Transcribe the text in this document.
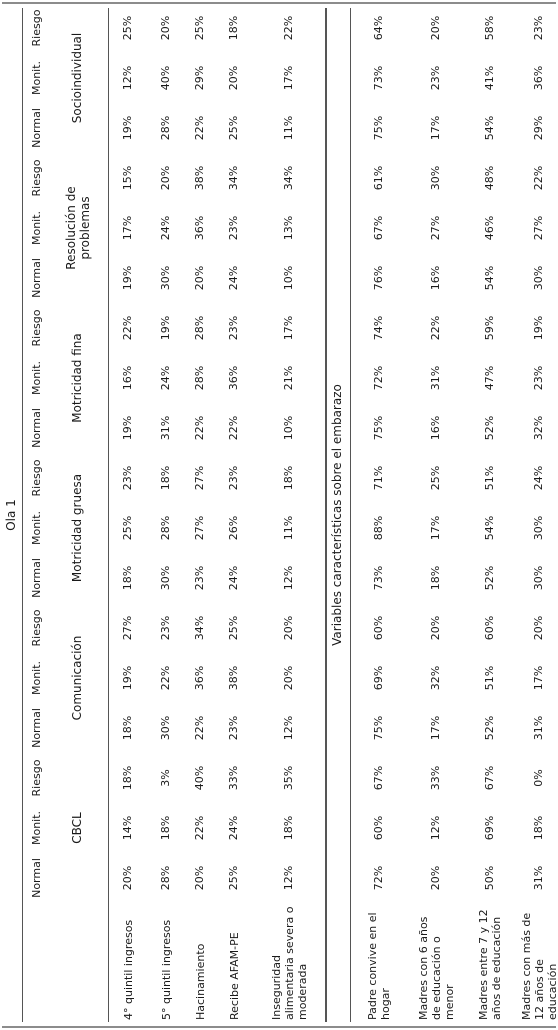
Ola 1
Normal
Monit.
Riesgo
Normal
Monit.
Riesgo
Normal
Monit.
Riesgo
Normal
Monit.
Riesgo
Normal
Monit.
Riesgo
Normal
Monit.
Riesgo
CBCL
Comunicación
Motricidad gruesa
Motricidad fina
Resolución de problemas
Socioindividual
4° quintil ingresos
20%
14%
18%
18%
19%
27%
18%
25%
23%
19%
16%
22%
19%
17%
15%
19%
12%
25%
5° quintil ingresos
28%
18%
3%
30%
22%
23%
30%
28%
18%
31%
24%
19%
30%
24%
20%
28%
40%
20%
Hacinamiento
20%
22%
40%
22%
36%
34%
23%
27%
27%
22%
28%
28%
20%
36%
38%
22%
29%
25%
Recibe AFAM-PE
25%
24%
33%
23%
38%
25%
24%
26%
23%
22%
36%
23%
24%
23%
34%
25%
20%
18%
Inseguridad alimentaria severa o moderada
12%
18%
35%
12%
20%
20%
12%
11%
18%
10%
21%
17%
10%
13%
34%
11%
17%
22%
Variables características sobre el embarazo
Padre convive en el hogar
72%
60%
67%
75%
69%
60%
73%
88%
71%
75%
72%
74%
76%
67%
61%
75%
73%
64%
Madres con 6 años de educación o menor
20%
12%
33%
17%
32%
20%
18%
17%
25%
16%
31%
22%
16%
27%
30%
17%
23%
20%
Madres entre 7 y 12 años de educación
50%
69%
67%
52%
51%
60%
52%
54%
51%
52%
47%
59%
54%
46%
48%
54%
41%
58%
Madres con más de 12 años de educación
31%
18%
0%
31%
17%
20%
30%
30%
24%
32%
23%
19%
30%
27%
22%
29%
36%
23%
